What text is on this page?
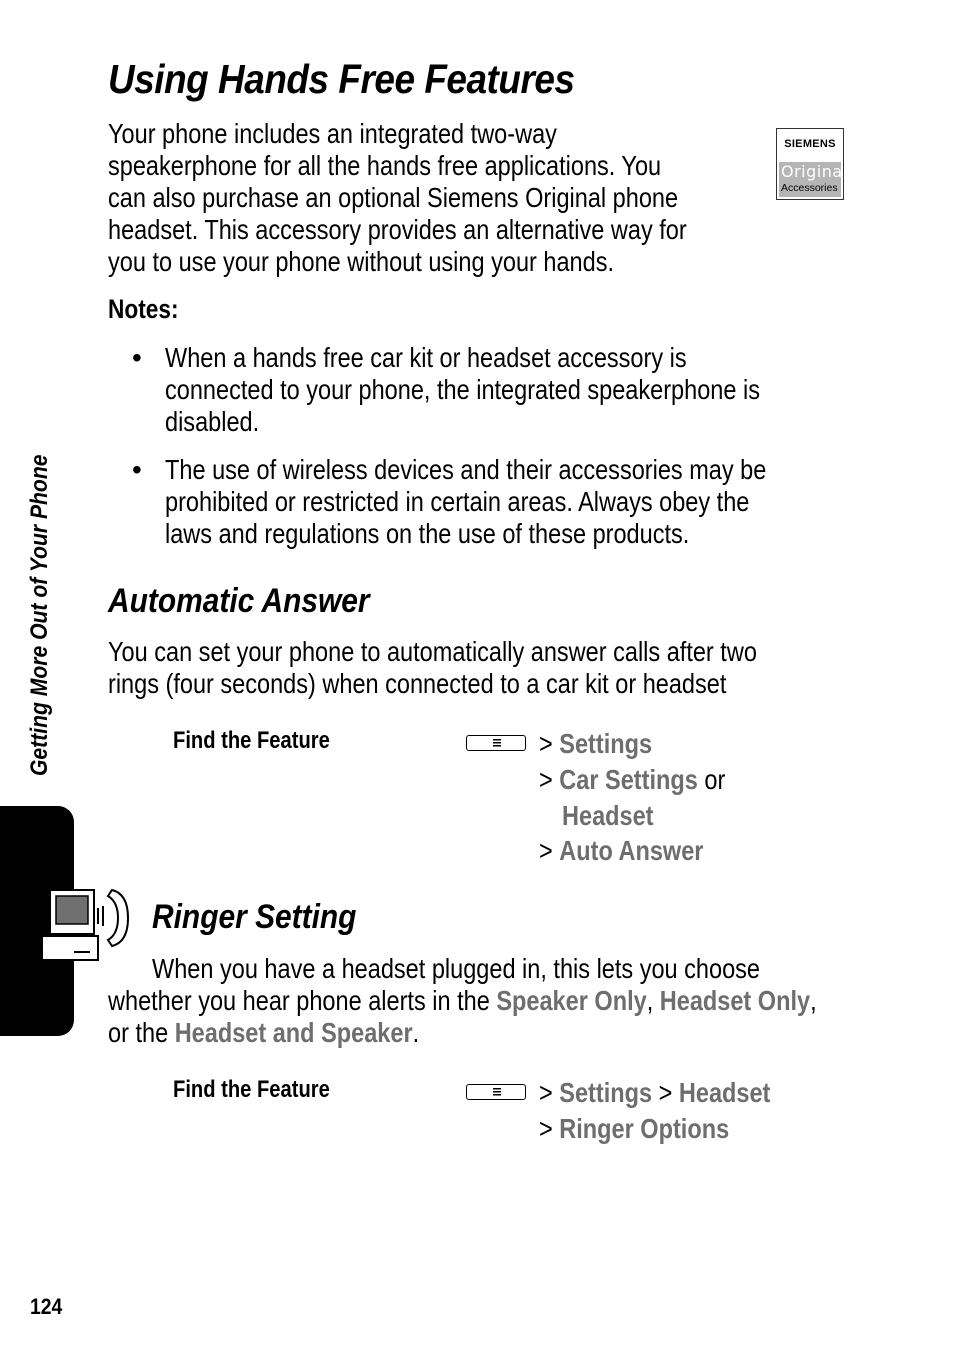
Getting More Out of Your Phone
Using Hands Free Features
Your phone includes an integrated two-way
speakerphone for all the hands free applications. You
can also purchase an optional Siemens Original phone
headset. This accessory provides an alternative way for
you to use your phone without using your hands.
SIEMENS
Original
Accessories
Notes:
• When a hands free car kit or headset accessory is
connected to your phone, the integrated speakerphone is
disabled.
• The use of wireless devices and their accessories may be
prohibited or restricted in certain areas. Always obey the
laws and regulations on the use of these products.
Automatic Answer
You can set your phone to automatically answer calls after two
rings (four seconds) when connected to a car kit or headset
Find the Feature	> Settings
> Car Settings or
Headset
> Auto Answer
Ringer Setting
When you have a headset plugged in, this lets you choose
whether you hear phone alerts in the Speaker Only, Headset Only,
or the Headset and Speaker.
Find the Feature	> Settings > Headset
> Ringer Options
124
